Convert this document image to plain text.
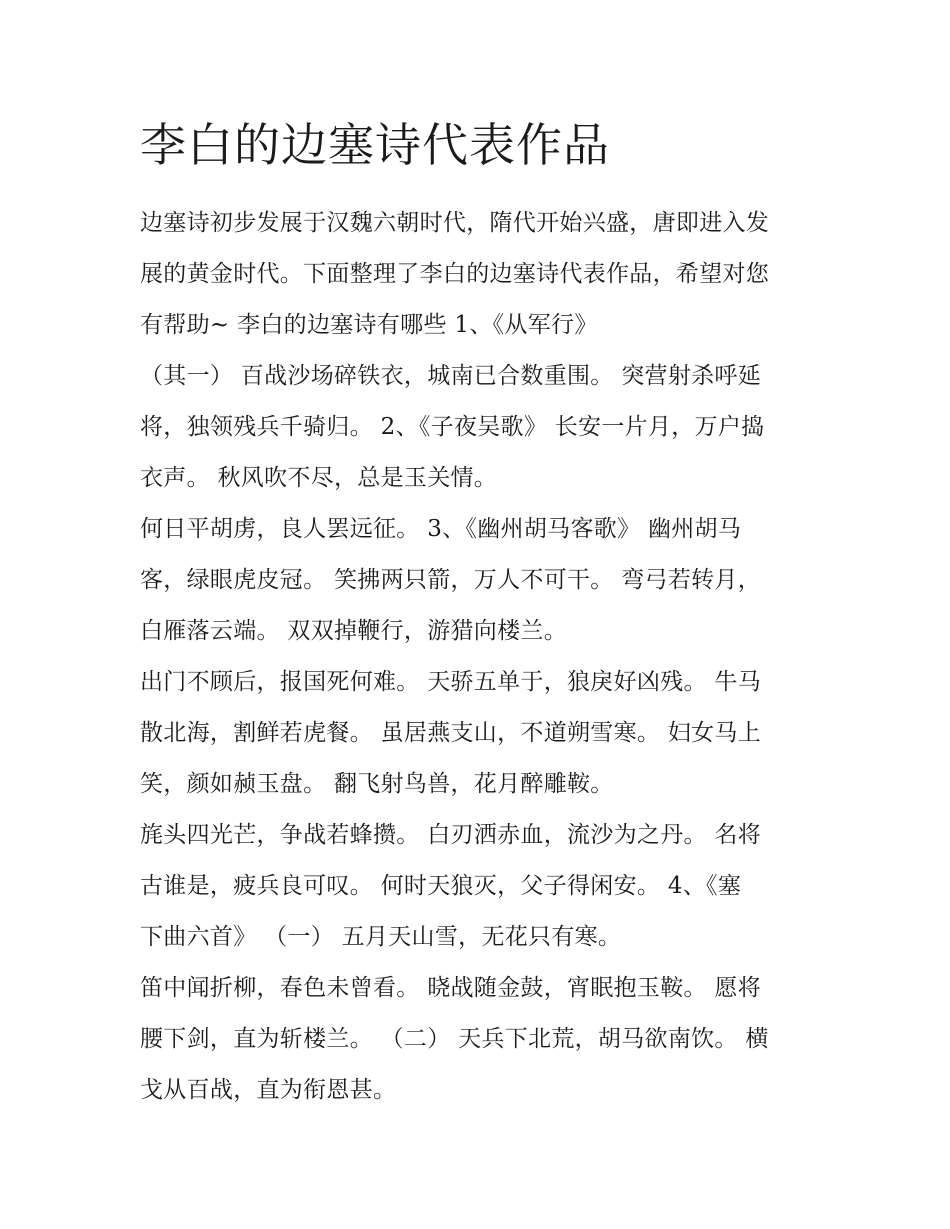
李白的边塞诗代表作品
边塞诗初步发展于汉魏六朝时代，隋代开始兴盛，唐即进入发
展的黄金时代。下面整理了李白的边塞诗代表作品，希望对您
有帮助~ 李白的边塞诗有哪些 1、《从军行》
（其一） 百战沙场碎铁衣，城南已合数重围。 突营射杀呼延
将，独领残兵千骑归。 2、《子夜吴歌》 长安一片月，万户捣
衣声。 秋风吹不尽，总是玉关情。
何日平胡虏，良人罢远征。 3、《幽州胡马客歌》 幽州胡马
客，绿眼虎皮冠。 笑拂两只箭，万人不可干。 弯弓若转月，
白雁落云端。 双双掉鞭行，游猎向楼兰。
出门不顾后，报国死何难。 天骄五单于，狼戾好凶残。 牛马
散北海，割鲜若虎餐。 虽居燕支山，不道朔雪寒。 妇女马上
笑，颜如赪玉盘。 翻飞射鸟兽，花月醉雕鞍。
旄头四光芒，争战若蜂攒。 白刃洒赤血，流沙为之丹。 名将
古谁是，疲兵良可叹。 何时天狼灭，父子得闲安。 4、《塞
下曲六首》 （一） 五月天山雪，无花只有寒。
笛中闻折柳，春色未曾看。 晓战随金鼓，宵眠抱玉鞍。 愿将
腰下剑，直为斩楼兰。 （二） 天兵下北荒，胡马欲南饮。 横
戈从百战，直为衔恩甚。
